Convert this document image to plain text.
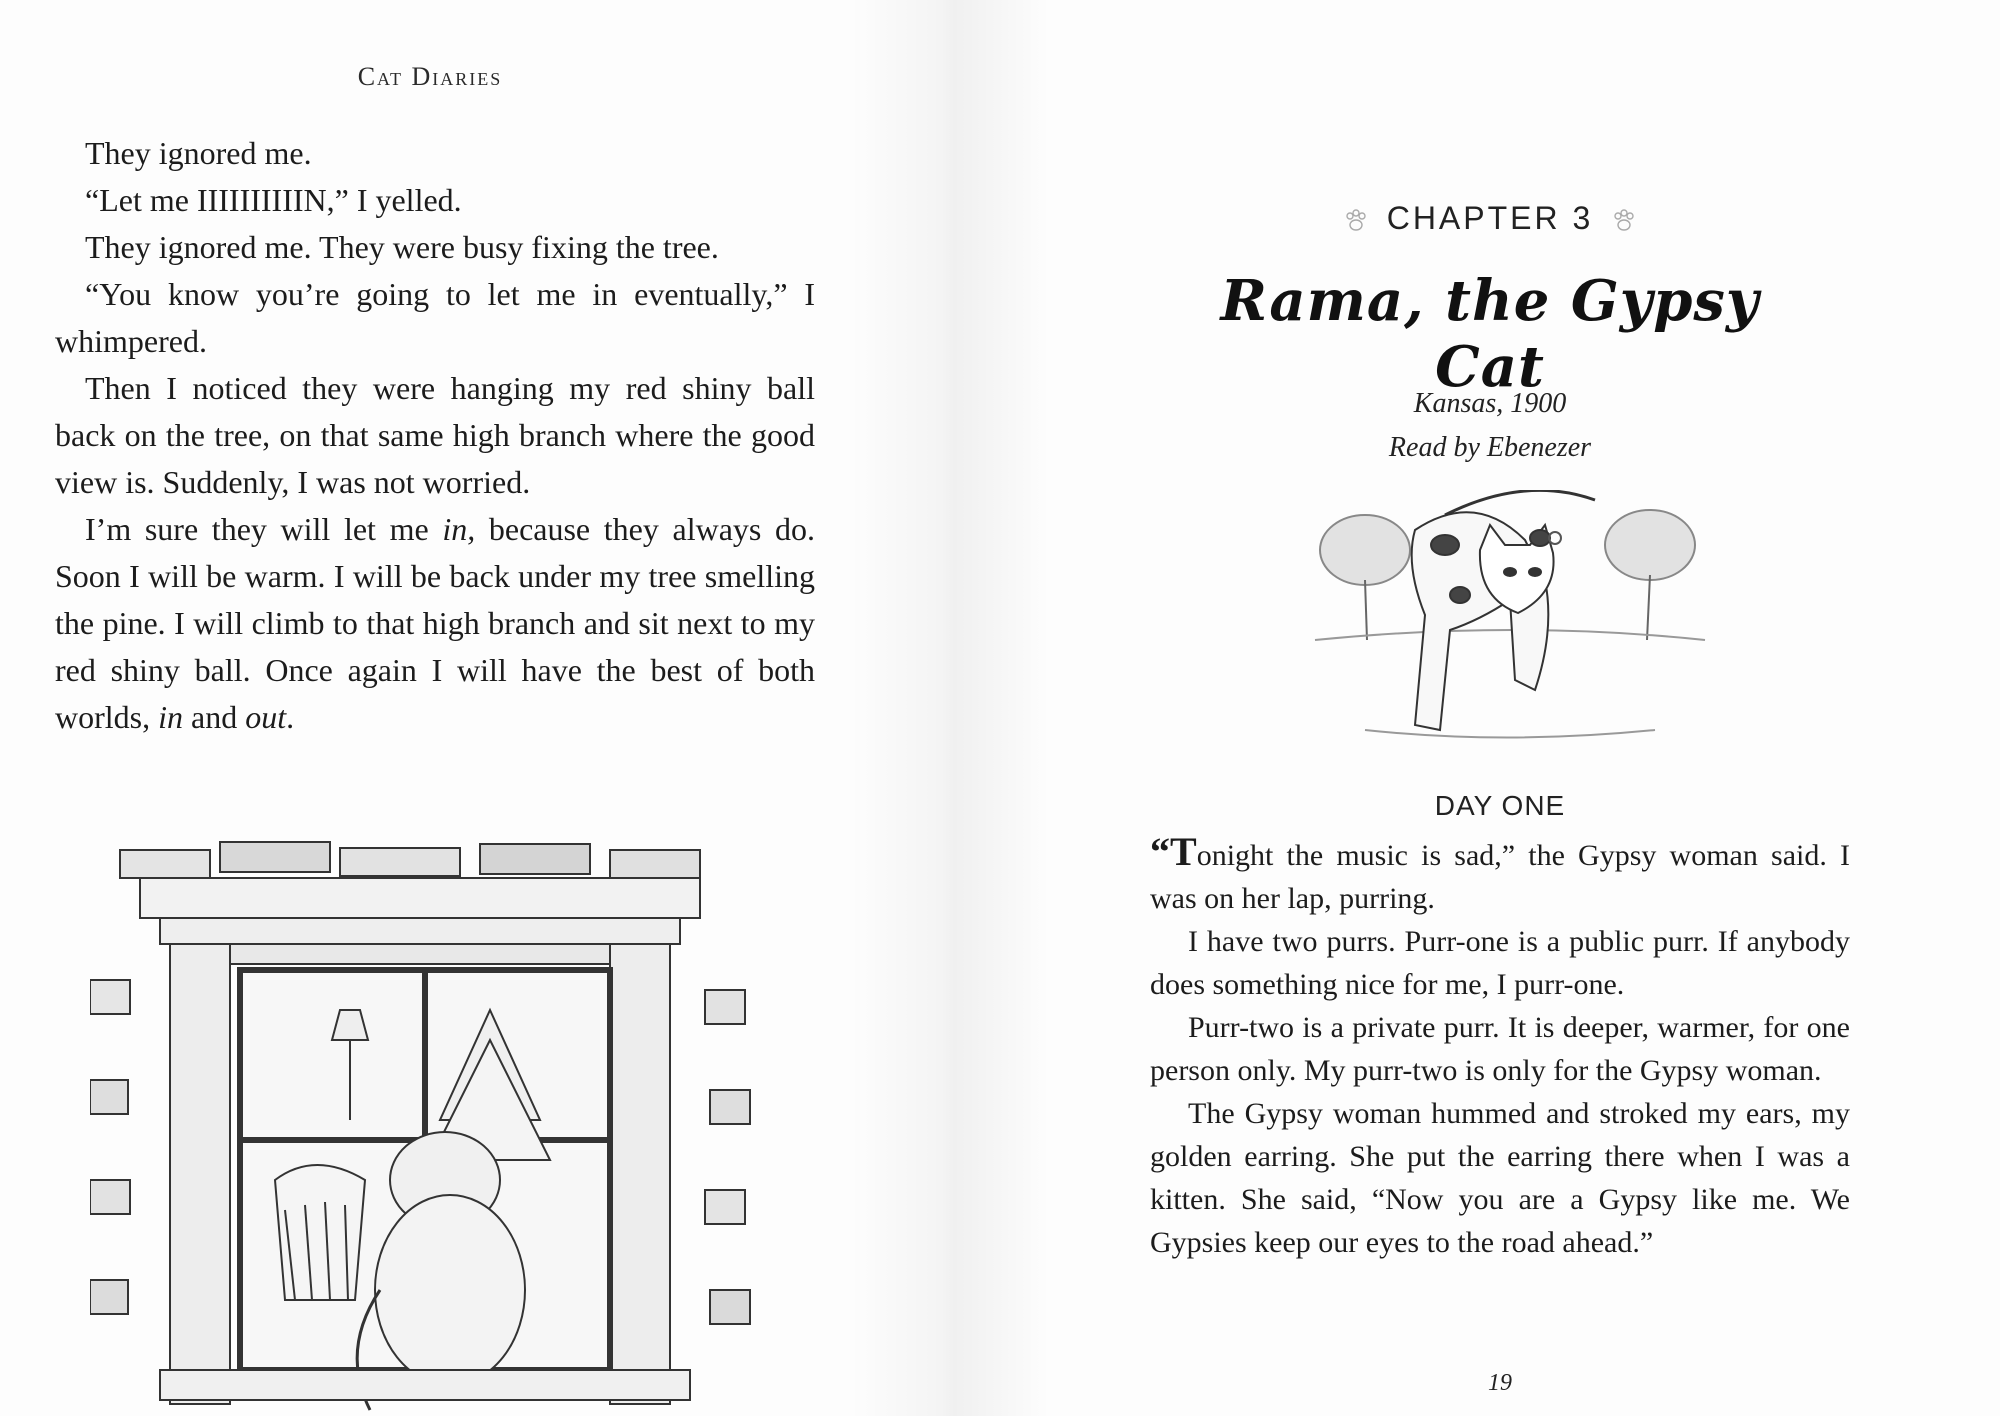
Cat Diaries

They ignored me.

“Let me IIIIIIIIIIN,” I yelled.

They ignored me. They were busy fixing the tree.

“You know you’re going to let me in eventually,” I whimpered.

Then I noticed they were hanging my red shiny ball back on the tree, on that same high branch where the good view is. Suddenly, I was not worried.

I’m sure they will let me in, because they always do. Soon I will be warm. I will be back under my tree smelling the pine. I will climb to that high branch and sit next to my red shiny ball. Once again I will have the best of both worlds, in and out.

CHAPTER 3
Rama, the Gypsy Cat
Kansas, 1900
Read by Ebenezer
DAY ONE

“Tonight the music is sad,” the Gypsy woman said. I was on her lap, purring.

I have two purrs. Purr-one is a public purr. If anybody does something nice for me, I purr-one.

Purr-two is a private purr. It is deeper, warmer, for one person only. My purr-two is only for the Gypsy woman.

The Gypsy woman hummed and stroked my ears, my golden earring. She put the earring there when I was a kitten. She said, “Now you are a Gypsy like me. We Gypsies keep our eyes to the road ahead.”

19
